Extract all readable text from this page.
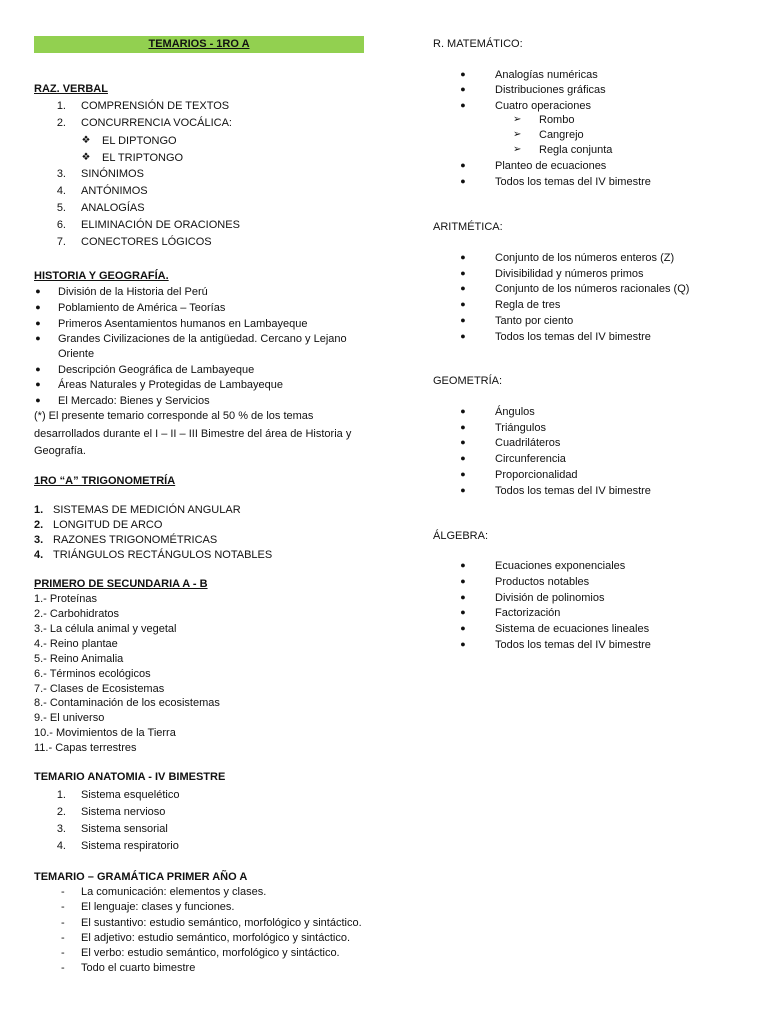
TEMARIOS - 1RO A
RAZ. VERBAL
1. COMPRENSIÓN DE TEXTOS
2. CONCURRENCIA VOCÁLICA:
❖ EL DIPTONGO
❖ EL TRIPTONGO
3. SINÓNIMOS
4. ANTÓNIMOS
5. ANALOGÍAS
6. ELIMINACIÓN DE ORACIONES
7. CONECTORES LÓGICOS
HISTORIA Y GEOGRAFÍA.
● División de la Historia del Perú
● Poblamiento de América – Teorías
● Primeros Asentamientos humanos en Lambayeque
● Grandes Civilizaciones de la antigüedad. Cercano y Lejano
Oriente
● Descripción Geográfica de Lambayeque
● Áreas Naturales y Protegidas de Lambayeque
● El Mercado: Bienes y Servicios
(*) El presente temario corresponde al 50 % de los temas desarrollados durante el I – II – III Bimestre del área de Historia y Geografía.
1RO “A” TRIGONOMETRÍA
1. SISTEMAS DE MEDICIÓN ANGULAR
2. LONGITUD DE ARCO
3. RAZONES TRIGONOMÉTRICAS
4. TRIÁNGULOS RECTÁNGULOS NOTABLES
PRIMERO DE SECUNDARIA A - B
1.- Proteínas
2.- Carbohidratos
3.- La célula animal y vegetal
4.- Reino plantae
5.- Reino Animalia
6.- Términos ecológicos
7.- Clases de Ecosistemas
8.- Contaminación de los ecosistemas
9.- El universo
10.- Movimientos de la Tierra
11.- Capas terrestres
TEMARIO ANATOMIA - IV BIMESTRE
1. Sistema esquelético
2. Sistema nervioso
3. Sistema sensorial
4. Sistema respiratorio
TEMARIO – GRAMÁTICA PRIMER AÑO A
- La comunicación: elementos y clases.
- El lenguaje: clases y funciones.
- El sustantivo: estudio semántico, morfológico y sintáctico.
- El adjetivo: estudio semántico, morfológico y sintáctico.
- El verbo: estudio semántico, morfológico y sintáctico.
- Todo el cuarto bimestre
R. MATEMÁTICO:
●	Analogías numéricas
●	Distribuciones gráficas
●	Cuatro operaciones
➢ Rombo
➢ Cangrejo
➢ Regla conjunta
●	Planteo de ecuaciones
●	Todos los temas del IV bimestre
ARITMÉTICA:
●	Conjunto de los números enteros (Z)
●	Divisibilidad y números primos
●	Conjunto de los números racionales (Q)
●	Regla de tres
●	Tanto por ciento
●	Todos los temas del IV bimestre
GEOMETRÍA:
●	Ángulos
●	Triángulos
●	Cuadriláteros
●	Circunferencia
●	Proporcionalidad
●	Todos los temas del IV bimestre
ÁLGEBRA:
●	Ecuaciones exponenciales
●	Productos notables
●	División de polinomios
●	Factorización
●	Sistema de ecuaciones lineales
●	Todos los temas del IV bimestre
